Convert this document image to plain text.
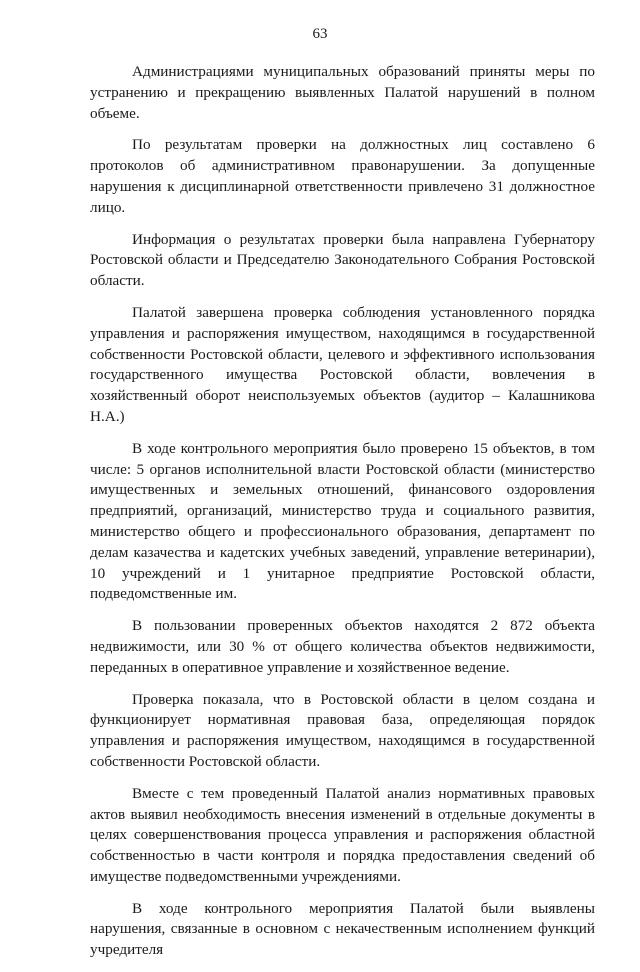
63

Администрациями муниципальных образований приняты меры по устранению и прекращению выявленных Палатой нарушений в полном объеме.

По результатам проверки на должностных лиц составлено 6 протоколов об административном правонарушении. За допущенные нарушения к дисциплинарной ответственности привлечено 31 должностное лицо.

Информация о результатах проверки была направлена Губернатору Ростовской области и Председателю Законодательного Собрания Ростовской области.

Палатой завершена проверка соблюдения установленного порядка управления и распоряжения имуществом, находящимся в государственной собственности Ростовской области, целевого и эффективного использования государственного имущества Ростовской области, вовлечения в хозяйственный оборот неиспользуемых объектов (аудитор – Калашникова Н.А.)

В ходе контрольного мероприятия было проверено 15 объектов, в том числе: 5 органов исполнительной власти Ростовской области (министерство имущественных и земельных отношений, финансового оздоровления предприятий, организаций, министерство труда и социального развития, министерство общего и профессионального образования, департамент по делам казачества и кадетских учебных заведений, управление ветеринарии), 10 учреждений и 1 унитарное предприятие Ростовской области, подведомственные им.

В пользовании проверенных объектов находятся 2 872 объекта недвижимости, или 30 % от общего количества объектов недвижимости, переданных в оперативное управление и хозяйственное ведение.

Проверка показала, что в Ростовской области в целом создана и функционирует нормативная правовая база, определяющая порядок управления и распоряжения имуществом, находящимся в государственной собственности Ростовской области.

Вместе с тем проведенный Палатой анализ нормативных правовых актов выявил необходимость внесения изменений в отдельные документы в целях совершенствования процесса управления и распоряжения областной собственностью в части контроля и порядка предоставления сведений об имуществе подведомственными учреждениями.

В ходе контрольного мероприятия Палатой были выявлены нарушения, связанные в основном с некачественным исполнением функций учредителя
